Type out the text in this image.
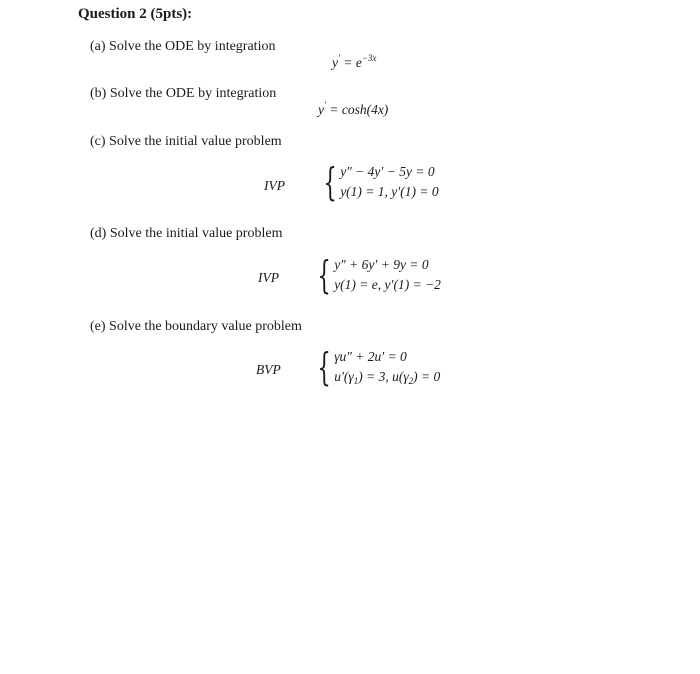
Question 2 (5pts):
(a) Solve the ODE by integration
$y' = e^{-3x}$
(b) Solve the ODE by integration
y′ = cosh(4x)
(c) Solve the initial value problem
IVP { y″ − 4y′ − 5y = 0
y(1) = 1, y′(1) = 0
(d) Solve the initial value problem
IVP { y″ + 6y′ + 9y = 0
y(1) = e, y′(1) = −2
(e) Solve the boundary value problem
BVP { γu″ + 2u′ = 0
$u'(\gamma_1) = 3$, $u(\gamma_2) = 0$
